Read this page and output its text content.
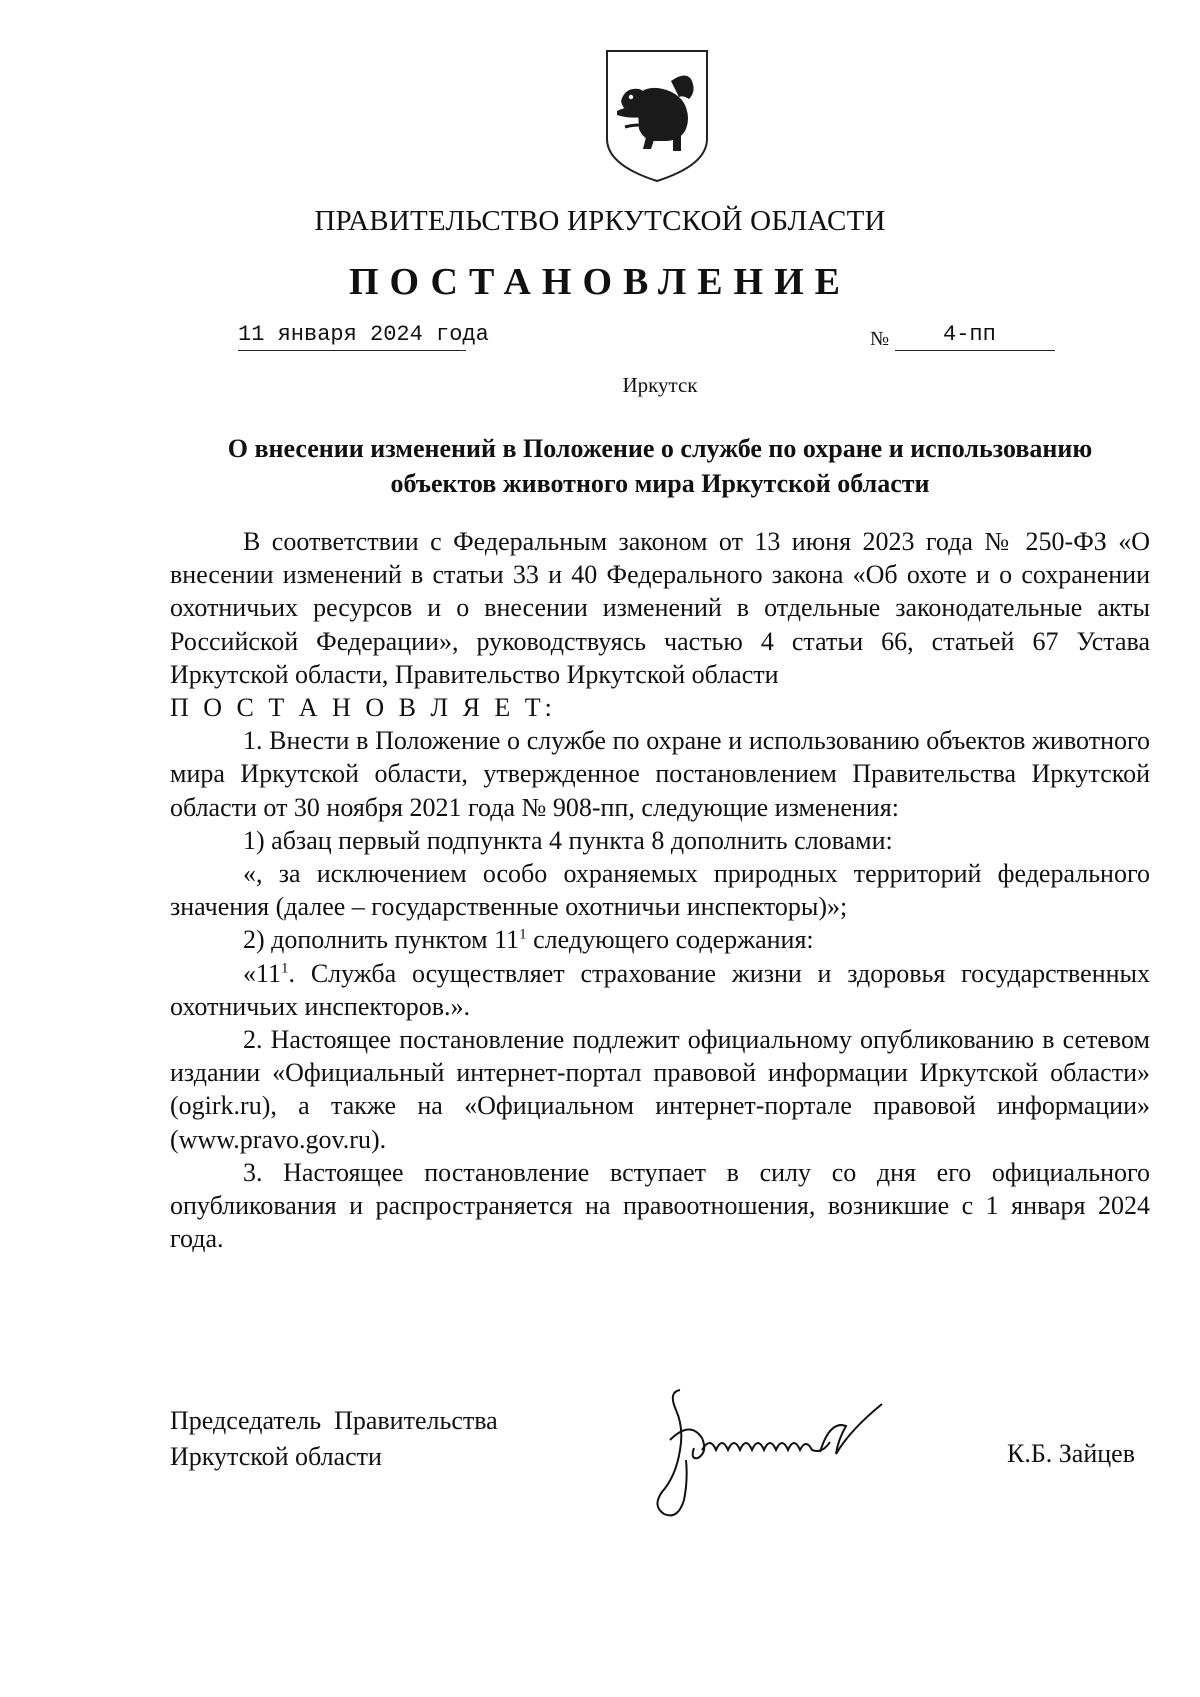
ПРАВИТЕЛЬСТВО ИРКУТСКОЙ ОБЛАСТИ
ПОСТАНОВЛЕНИЕ
11 января 2024 года	№ 4-пп
Иркутск
О внесении изменений в Положение о службе по охране и использованию
объектов животного мира Иркутской области

В соответствии с Федеральным законом от 13 июня 2023 года № 250-ФЗ «О внесении изменений в статьи 33 и 40 Федерального закона «Об охоте и о сохранении охотничьих ресурсов и о внесении изменений в отдельные законодательные акты Российской Федерации», руководствуясь частью 4 статьи 66, статьей 67 Устава Иркутской области, Правительство Иркутской области

П О С Т А Н О В Л Я Е Т:

1. Внести в Положение о службе по охране и использованию объектов животного мира Иркутской области, утвержденное постановлением Правительства Иркутской области от 30 ноября 2021 года № 908-пп, следующие изменения:

1) абзац первый подпункта 4 пункта 8 дополнить словами:

«, за исключением особо охраняемых природных территорий федерального значения (далее – государственные охотничьи инспекторы)»;

2) дополнить пунктом $11^1$ следующего содержания:

«$11^1$. Служба осуществляет страхование жизни и здоровья государственных охотничьих инспекторов.».

2. Настоящее постановление подлежит официальному опубликованию в сетевом издании «Официальный интернет-портал правовой информации Иркутской области» (ogirk.ru), а также на «Официальном интернет-портале правовой информации» (www.pravo.gov.ru).

3. Настоящее постановление вступает в силу со дня его официального опубликования и распространяется на правоотношения, возникшие с 1 января 2024 года.

Председатель  Правительства
Иркутской области	К.Б. Зайцев
